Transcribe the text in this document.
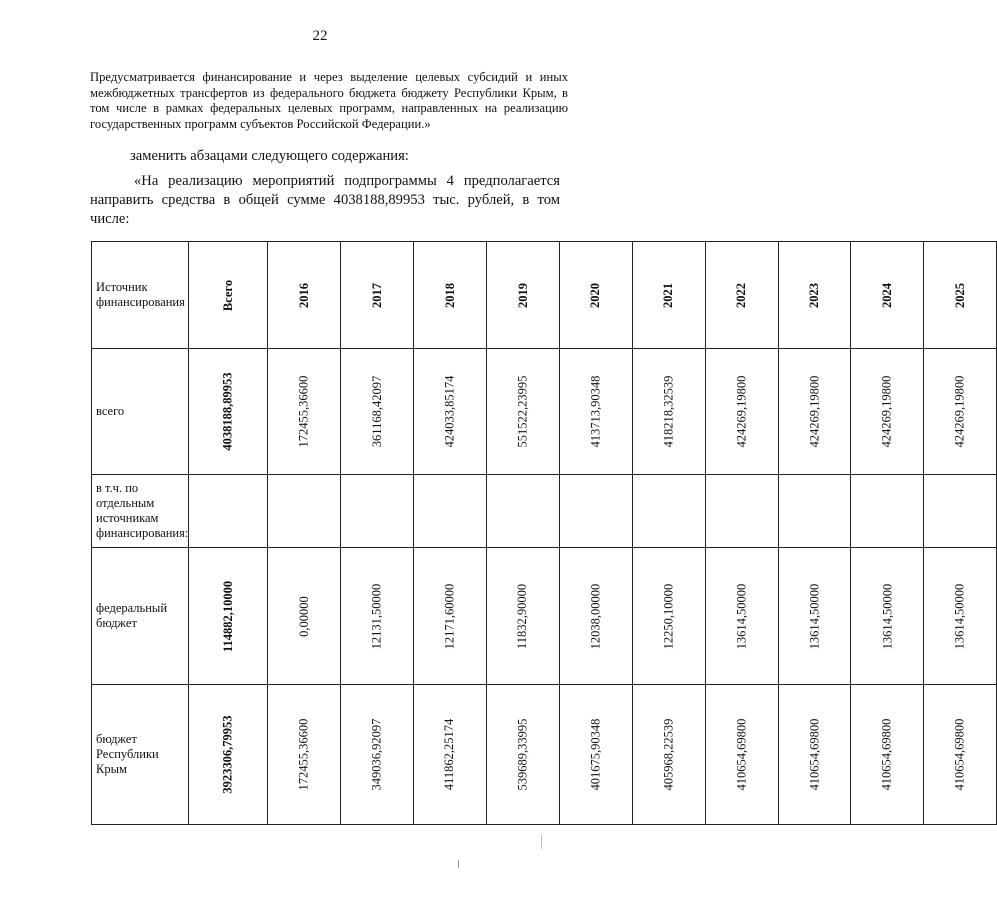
22
Предусматривается финансирование и через выделение целевых субсидий и иных межбюджетных трансфертов из федерального бюджета бюджету Республики Крым, в том числе в рамках федеральных целевых программ, направленных на реализацию государственных программ субъектов Российской Федерации.»
заменить абзацами следующего содержания:
«На реализацию мероприятий подпрограммы 4 предполагается направить средства в общей сумме 4038188,89953 тыс. рублей, в том числе:
Источник финансирования	Всего	2016	2017	2018	2019	2020	2021	2022	2023	2024	2025
всего	4038188,89953	172455,36600	361168,42097	424033,85174	551522,23995	413713,90348	418218,32539	424269,19800	424269,19800	424269,19800	424269,19800
в т.ч. по отдельным источникам финансирования:											
федеральный бюджет	114882,10000	0,00000	12131,50000	12171,60000	11832,90000	12038,00000	12250,10000	13614,50000	13614,50000	13614,50000	13614,50000
бюджет Республики Крым	3923306,79953	172455,36600	349036,92097	411862,25174	539689,33995	401675,90348	405968,22539	410654,69800	410654,69800	410654,69800	410654,69800
